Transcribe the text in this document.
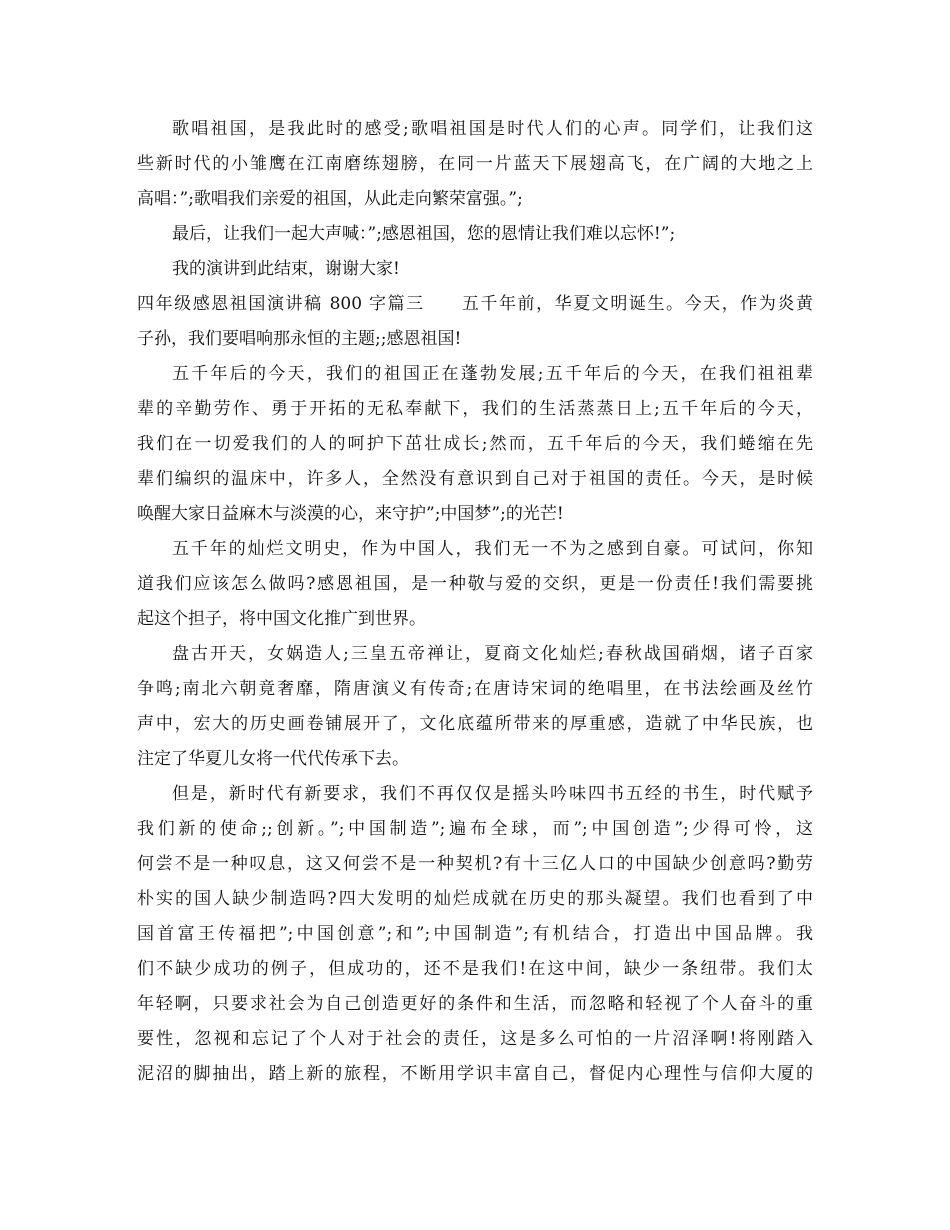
歌唱祖国，是我此时的感受;歌唱祖国是时代人们的心声。同学们，让我们这
些新时代的小雏鹰在江南磨练翅膀，在同一片蓝天下展翅高飞，在广阔的大地之上
高唱：”;歌唱我们亲爱的祖国，从此走向繁荣富强。”;
最后，让我们一起大声喊：”;感恩祖国，您的恩情让我们难以忘怀!”;
我的演讲到此结束，谢谢大家!
四年级感恩祖国演讲稿 800 字篇三　　五千年前，华夏文明诞生。今天，作为炎黄
子孙，我们要唱响那永恒的主题;;感恩祖国!
五千年后的今天，我们的祖国正在蓬勃发展;五千年后的今天，在我们祖祖辈
辈的辛勤劳作、勇于开拓的无私奉献下，我们的生活蒸蒸日上;五千年后的今天，
我们在一切爱我们的人的呵护下茁壮成长;然而，五千年后的今天，我们蜷缩在先
辈们编织的温床中，许多人，全然没有意识到自己对于祖国的责任。今天，是时候
唤醒大家日益麻木与淡漠的心，来守护”;中国梦”;的光芒!
五千年的灿烂文明史，作为中国人，我们无一不为之感到自豪。可试问，你知
道我们应该怎么做吗?感恩祖国，是一种敬与爱的交织，更是一份责任!我们需要挑
起这个担子，将中国文化推广到世界。
盘古开天，女娲造人;三皇五帝禅让，夏商文化灿烂;春秋战国硝烟，诸子百家
争鸣;南北六朝竟奢靡，隋唐演义有传奇;在唐诗宋词的绝唱里，在书法绘画及丝竹
声中，宏大的历史画卷铺展开了，文化底蕴所带来的厚重感，造就了中华民族，也
注定了华夏儿女将一代代传承下去。
但是，新时代有新要求，我们不再仅仅是摇头吟味四书五经的书生，时代赋予
我们新的使命;;创新。”;中国制造”;遍布全球，而”;中国创造”;少得可怜，这
何尝不是一种叹息，这又何尝不是一种契机?有十三亿人口的中国缺少创意吗?勤劳
朴实的国人缺少制造吗?四大发明的灿烂成就在历史的那头凝望。我们也看到了中
国首富王传福把”;中国创意”;和”;中国制造”;有机结合，打造出中国品牌。我
们不缺少成功的例子，但成功的，还不是我们!在这中间，缺少一条纽带。我们太
年轻啊，只要求社会为自己创造更好的条件和生活，而忽略和轻视了个人奋斗的重
要性，忽视和忘记了个人对于社会的责任，这是多么可怕的一片沼泽啊!将刚踏入
泥沼的脚抽出，踏上新的旅程，不断用学识丰富自己，督促内心理性与信仰大厦的
